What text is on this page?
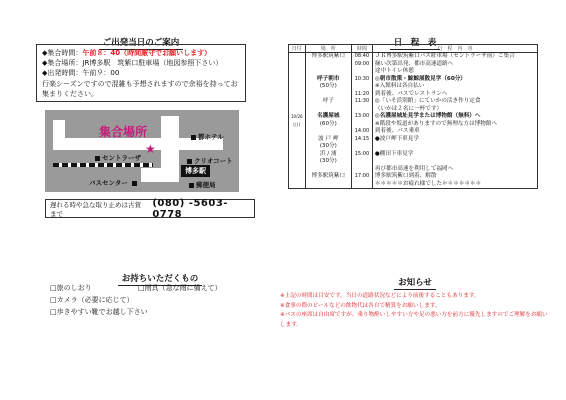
ご出発当日のご案内
◆集合時間：午前８：40（時間厳守でお願いします）
◆集合場所：JR博多駅　筑紫口駐車場（地図参照下さい）
◆出発時間：午前９：00
行楽シーズンですので混雑も予想されますので余裕を持ってお集まりください。
集合場所
★
都ホテル
セントラーザ	クリオコート
博多駅
バスセンター	郵便局
遅れる時や急な取り止めは古賀まで
(080) -5603-0778
お持ちいただくもの
□旅のしおり	□雨具（急な雨に備えて）
□カメラ（必要に応じて）
□歩きやすい靴でお越し下さい
日　程　表
日付	場　所	時間	行　程　内　容
10/26 (日)	博多駅筑紫口	08:40	ＪＲ博多駅筑紫口バス駐車場（セントラーザ前）ご集合
		09:00	揃い次第出発、都市高速道路へ
			途中トイレ休憩
	呼子朝市	10:30	◎朝市散策・鯨鯨展散見学（60分）
	(50分)		※入館料は各自払い
		11:20	到着後、バスでレストランへ
	呼子	11:30	◎「いそ浜別館」にていかの活き作り定食
			（いかは２名に一杯です）
	名護屋城	13:00	◎名護屋城址見学または博物館（無料）へ
	(60分)		※階段や坂道がありますので無理な方は博物館へ
		14:00	到着後、バス乗車
	波 戸 岬	14:15	●波戸岬下車見学
	(30分)		
	浜 / 浦	15:00	●棚田下車見学
	(30分)		
			再び都市高速を利用して福岡へ

	博多駅筑紫口	17:00	博多駅筑紫口到着、解散

			＊＊＊＊＊お疲れ様でした＊＊＊＊＊＊＊
お知らせ
※上記の時間は目安です。当日の道路状況などにより前後することもあります。
※食事の際のビールなどの飲物代は各自で精算をお願いします。
※バスの座席は自由席ですが、乗り物酔いしやすい方や足の悪い方を前方に優先しますのでご理解をお願いします。
